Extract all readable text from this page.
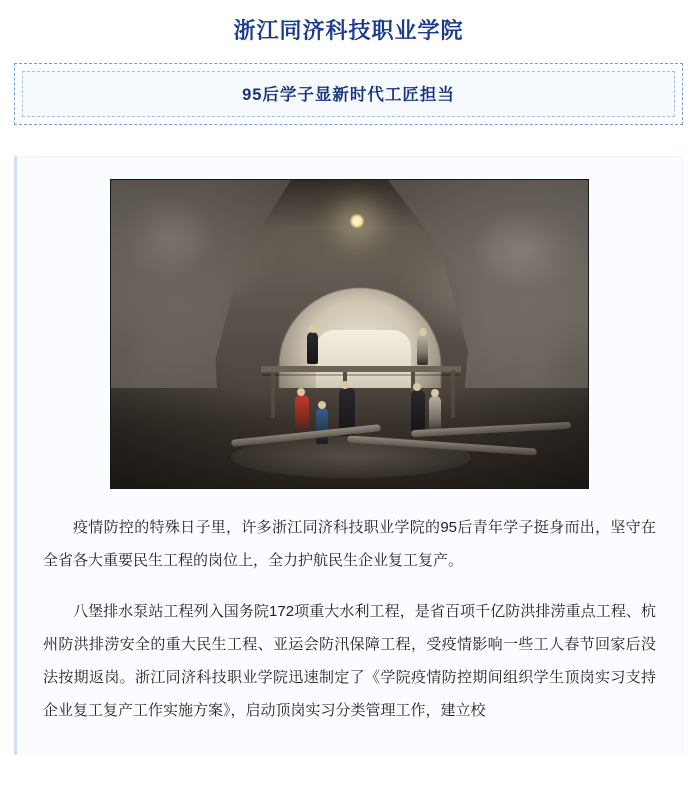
浙江同济科技职业学院
95后学子显新时代工匠担当

疫情防控的特殊日子里，许多浙江同济科技职业学院的95后青年学子挺身而出，坚守在全省各大重要民生工程的岗位上，全力护航民生企业复工复产。

八堡排水泵站工程列入国务院172项重大水利工程，是省百项千亿防洪排涝重点工程、杭州防洪排涝安全的重大民生工程、亚运会防汛保障工程，受疫情影响一些工人春节回家后没法按期返岗。浙江同济科技职业学院迅速制定了《学院疫情防控期间组织学生顶岗实习支持企业复工复产工作实施方案》，启动顶岗实习分类管理工作，建立校
